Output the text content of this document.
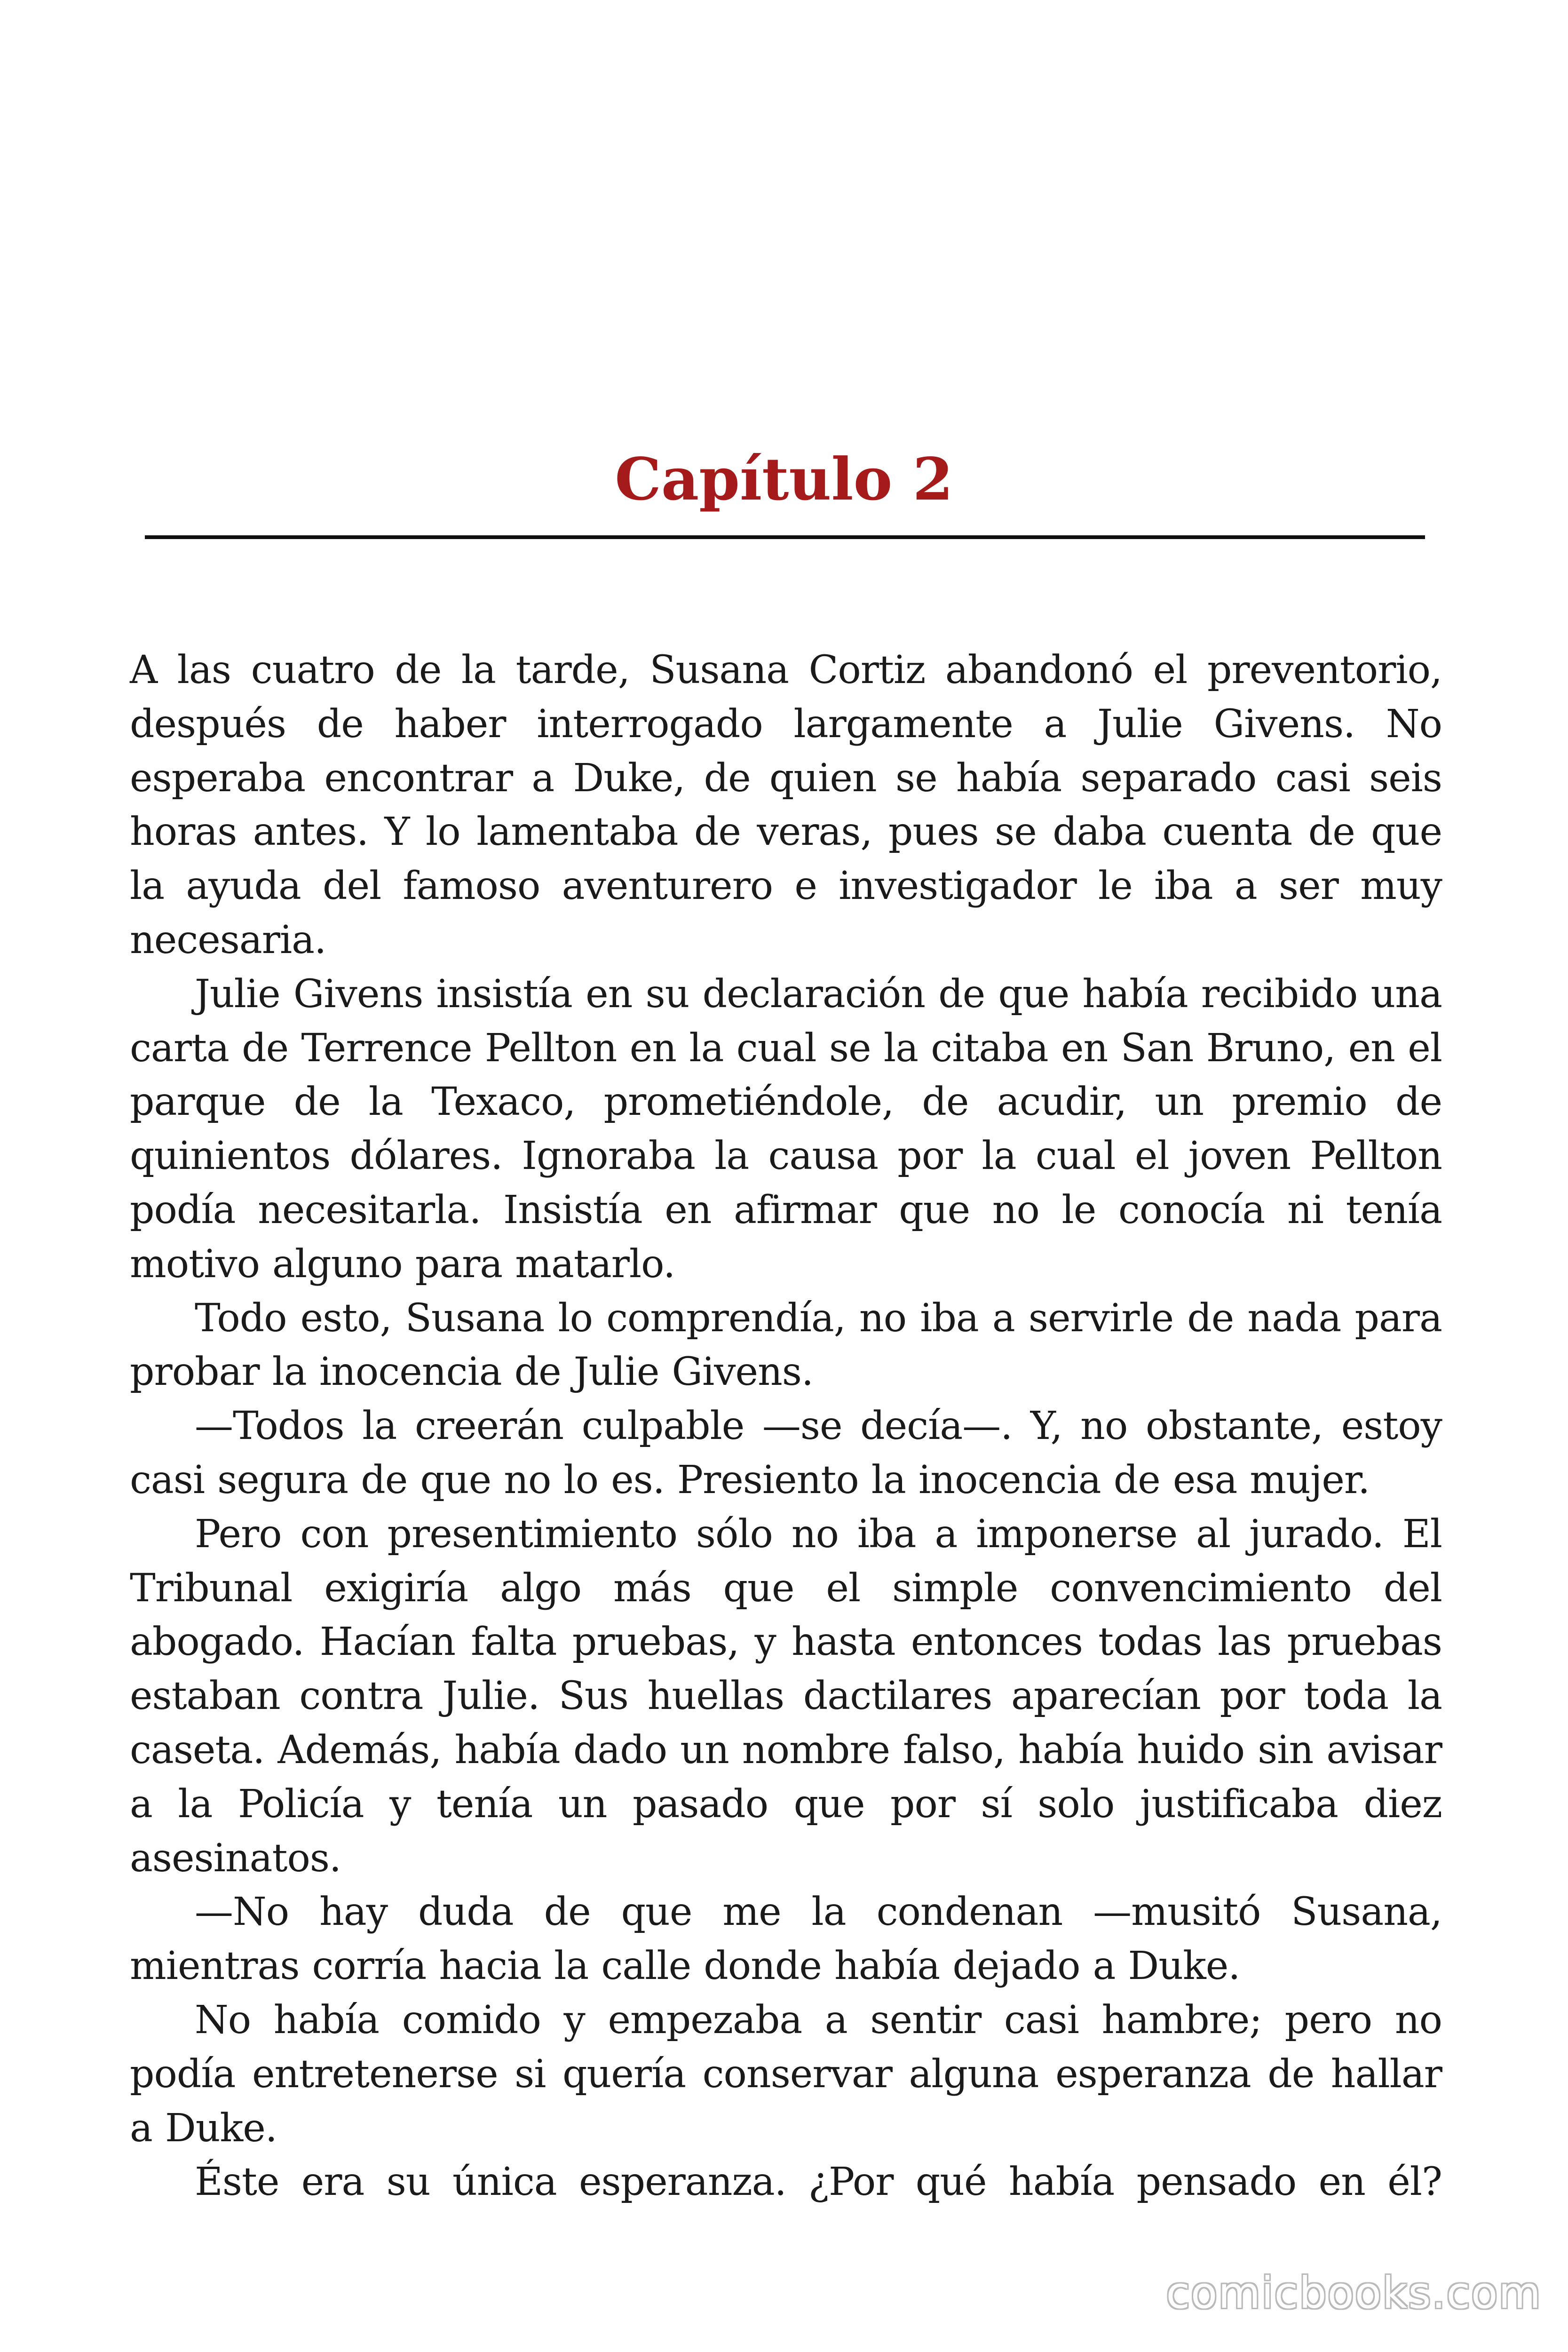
Capítulo 2

A las cuatro de la tarde, Susana Cortiz abandonó el preventorio, después de haber interrogado largamente a Julie Givens. No esperaba encontrar a Duke, de quien se había separado casi seis horas antes. Y lo lamentaba de veras, pues se daba cuenta de que la ayuda del famoso aventurero e investigador le iba a ser muy necesaria.

Julie Givens insistía en su declaración de que había recibido una carta de Terrence Pellton en la cual se la citaba en San Bruno, en el parque de la Texaco, prometiéndole, de acudir, un premio de quinientos dólares. Ignoraba la causa por la cual el joven Pellton podía necesitarla. Insistía en afirmar que no le conocía ni tenía motivo alguno para matarlo.

Todo esto, Susana lo comprendía, no iba a servirle de nada para probar la inocencia de Julie Givens.

—Todos la creerán culpable —se decía—. Y, no obstante, estoy casi segura de que no lo es. Presiento la inocencia de esa mujer.

Pero con presentimiento sólo no iba a imponerse al jurado. El Tribunal exigiría algo más que el simple convencimiento del abogado. Hacían falta pruebas, y hasta entonces todas las pruebas estaban contra Julie. Sus huellas dactilares aparecían por toda la caseta. Además, había dado un nombre falso, había huido sin avisar a la Policía y tenía un pasado que por sí solo justificaba diez asesinatos.

—No hay duda de que me la condenan —musitó Susana, mientras corría hacia la calle donde había dejado a Duke.

No había comido y empezaba a sentir casi hambre; pero no podía entretenerse si quería conservar alguna esperanza de hallar a Duke.

Éste era su única esperanza. ¿Por qué había pensado en él?

comicbooks.com
